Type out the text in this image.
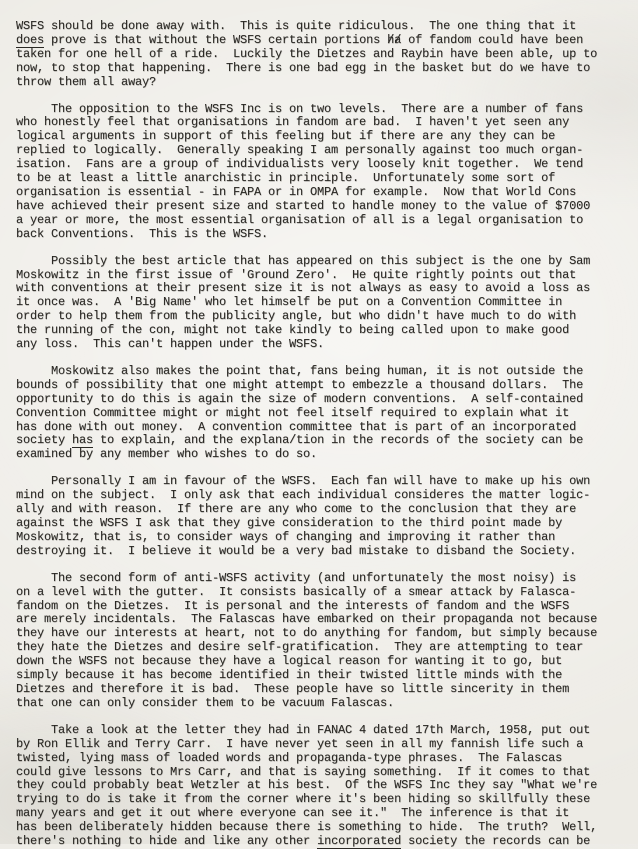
WSFS should be done away with.  This is quite ridiculous.  The one thing that it
does prove is that without the WSFS certain portions ha // of fandom could have been
taken for one hell of a ride.  Luckily the Dietzes and Raybin have been able, up to
now, to stop that happening.  There is one bad egg in the basket but do we have to
throw them all away?

The opposition to the WSFS Inc is on two levels.  There are a number of fans
who honestly feel that organisations in fandom are bad.  I haven't yet seen any
logical arguments in support of this feeling but if there are any they can be
replied to logically.  Generally speaking I am personally against too much organ-
isation.  Fans are a group of individualists very loosely knit together.  We tend
to be at least a little anarchistic in principle.  Unfortunately some sort of
organisation is essential - in FAPA or in OMPA for example.  Now that World Cons
have achieved their present size and started to handle money to the value of $7000
a year or more, the most essential organisation of all is a legal organisation to
back Conventions.  This is the WSFS.

Possibly the best article that has appeared on this subject is the one by Sam
Moskowitz in the first issue of 'Ground Zero'.  He quite rightly points out that
with conventions at their present size it is not always as easy to avoid a loss as
it once was.  A 'Big Name' who let himself be put on a Convention Committee in
order to help them from the publicity angle, but who didn't have much to do with
the running of the con, might not take kindly to being called upon to make good
any loss.  This can't happen under the WSFS.

Moskowitz also makes the point that, fans being human, it is not outside the
bounds of possibility that one might attempt to embezzle a thousand dollars.  The
opportunity to do this is again the size of modern conventions.  A self-contained
Convention Committee might or might not feel itself required to explain what it
has done with out money.  A convention committee that is part of an incorporated
society has to explain, and the explana/tion in the records of the society can be
examined by any member who wishes to do so.

Personally I am in favour of the WSFS.  Each fan will have to make up his own
mind on the subject.  I only ask that each individual consideres the matter logic-
ally and with reason.  If there are any who come to the conclusion that they are
against the WSFS I ask that they give consideration to the third point made by
Moskowitz, that is, to consider ways of changing and improving it rather than
destroying it.  I believe it would be a very bad mistake to disband the Society.

The second form of anti-WSFS activity (and unfortunately the most noisy) is
on a level with the gutter.  It consists basically of a smear attack by Falasca-
fandom on the Dietzes.  It is personal and the interests of fandom and the WSFS
are merely incidentals.  The Falascas have embarked on their propaganda not because
they have our interests at heart, not to do anything for fandom, but simply because
they hate the Dietzes and desire self-gratification.  They are attempting to tear
down the WSFS not because they have a logical reason for wanting it to go, but
simply because it has become identified in their twisted little minds with the
Dietzes and therefore it is bad.  These people have so little sincerity in them
that one can only consider them to be vacuum Falascas.

Take a look at the letter they had in FANAC 4 dated 17th March, 1958, put out
by Ron Ellik and Terry Carr.  I have never yet seen in all my fannish life such a
twisted, lying mass of loaded words and propaganda-type phrases.  The Falascas
could give lessons to Mrs Carr, and that is saying something.  If it comes to that
they could probably beat Wetzler at his best.  Of the WSFS Inc they say "What we're
trying to do is take it from the corner where it's been hiding so skillfully these
many years and get it out where everyone can see it."  The inference is that it
has been deliberately hidden because there is something to hide.  The truth?  Well,
there's nothing to hide and like any other incorporated society the records can be
